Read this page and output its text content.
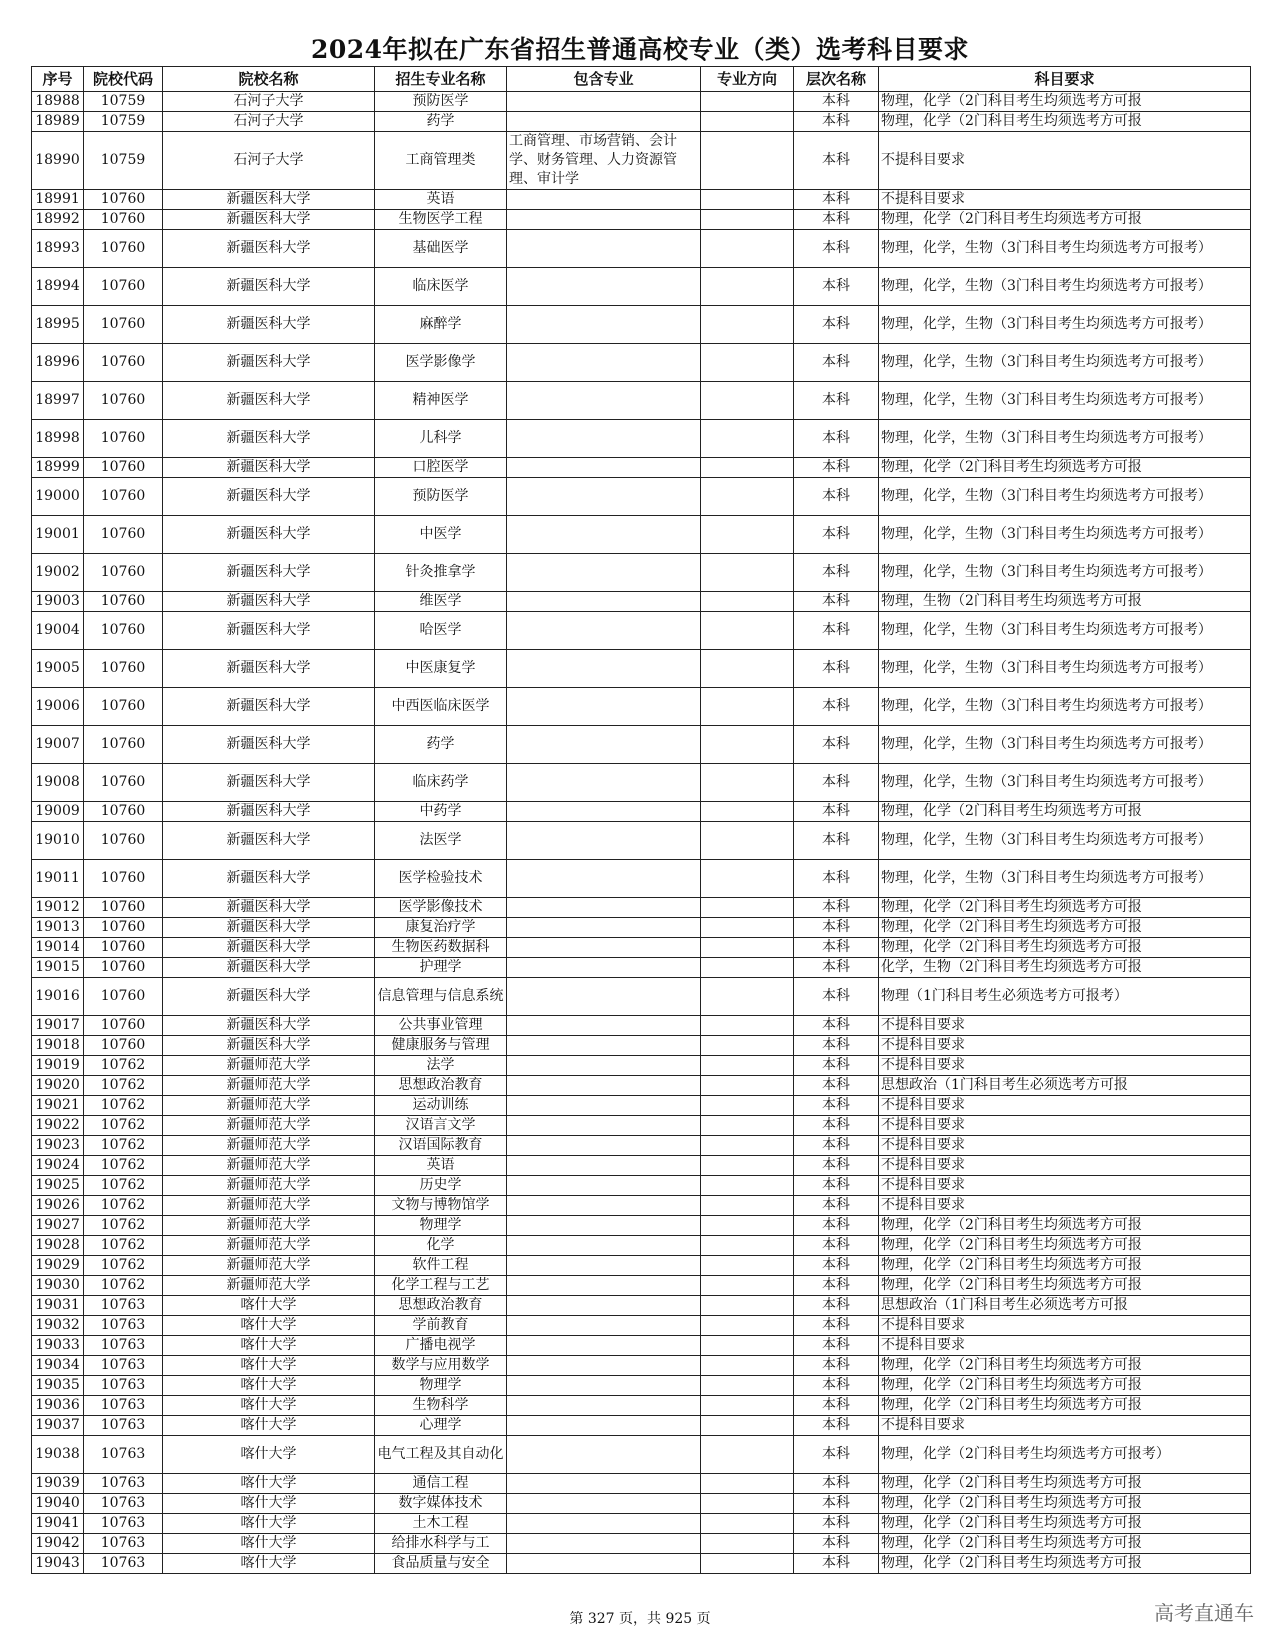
2024年拟在广东省招生普通高校专业（类）选考科目要求
序号	院校代码	院校名称	招生专业名称	包含专业	专业方向	层次名称	科目要求
18988	10759	石河子大学	预防医学			本科	物理，化学（2门科目考生均须选考方可报
18989	10759	石河子大学	药学			本科	物理，化学（2门科目考生均须选考方可报
18990	10759	石河子大学	工商管理类	工商管理、市场营销、会计学、财务管理、人力资源管理、审计学		本科	不提科目要求
18991	10760	新疆医科大学	英语			本科	不提科目要求
18992	10760	新疆医科大学	生物医学工程			本科	物理，化学（2门科目考生均须选考方可报
18993	10760	新疆医科大学	基础医学			本科	物理，化学，生物（3门科目考生均须选考方可报考）
18994	10760	新疆医科大学	临床医学			本科	物理，化学，生物（3门科目考生均须选考方可报考）
18995	10760	新疆医科大学	麻醉学			本科	物理，化学，生物（3门科目考生均须选考方可报考）
18996	10760	新疆医科大学	医学影像学			本科	物理，化学，生物（3门科目考生均须选考方可报考）
18997	10760	新疆医科大学	精神医学			本科	物理，化学，生物（3门科目考生均须选考方可报考）
18998	10760	新疆医科大学	儿科学			本科	物理，化学，生物（3门科目考生均须选考方可报考）
18999	10760	新疆医科大学	口腔医学			本科	物理，化学（2门科目考生均须选考方可报
19000	10760	新疆医科大学	预防医学			本科	物理，化学，生物（3门科目考生均须选考方可报考）
19001	10760	新疆医科大学	中医学			本科	物理，化学，生物（3门科目考生均须选考方可报考）
19002	10760	新疆医科大学	针灸推拿学			本科	物理，化学，生物（3门科目考生均须选考方可报考）
19003	10760	新疆医科大学	维医学			本科	物理，生物（2门科目考生均须选考方可报
19004	10760	新疆医科大学	哈医学			本科	物理，化学，生物（3门科目考生均须选考方可报考）
19005	10760	新疆医科大学	中医康复学			本科	物理，化学，生物（3门科目考生均须选考方可报考）
19006	10760	新疆医科大学	中西医临床医学			本科	物理，化学，生物（3门科目考生均须选考方可报考）
19007	10760	新疆医科大学	药学			本科	物理，化学，生物（3门科目考生均须选考方可报考）
19008	10760	新疆医科大学	临床药学			本科	物理，化学，生物（3门科目考生均须选考方可报考）
19009	10760	新疆医科大学	中药学			本科	物理，化学（2门科目考生均须选考方可报
19010	10760	新疆医科大学	法医学			本科	物理，化学，生物（3门科目考生均须选考方可报考）
19011	10760	新疆医科大学	医学检验技术			本科	物理，化学，生物（3门科目考生均须选考方可报考）
19012	10760	新疆医科大学	医学影像技术			本科	物理，化学（2门科目考生均须选考方可报
19013	10760	新疆医科大学	康复治疗学			本科	物理，化学（2门科目考生均须选考方可报
19014	10760	新疆医科大学	生物医药数据科			本科	物理，化学（2门科目考生均须选考方可报
19015	10760	新疆医科大学	护理学			本科	化学，生物（2门科目考生均须选考方可报
19016	10760	新疆医科大学	信息管理与信息系统			本科	物理（1门科目考生必须选考方可报考）
19017	10760	新疆医科大学	公共事业管理			本科	不提科目要求
19018	10760	新疆医科大学	健康服务与管理			本科	不提科目要求
19019	10762	新疆师范大学	法学			本科	不提科目要求
19020	10762	新疆师范大学	思想政治教育			本科	思想政治（1门科目考生必须选考方可报
19021	10762	新疆师范大学	运动训练			本科	不提科目要求
19022	10762	新疆师范大学	汉语言文学			本科	不提科目要求
19023	10762	新疆师范大学	汉语国际教育			本科	不提科目要求
19024	10762	新疆师范大学	英语			本科	不提科目要求
19025	10762	新疆师范大学	历史学			本科	不提科目要求
19026	10762	新疆师范大学	文物与博物馆学			本科	不提科目要求
19027	10762	新疆师范大学	物理学			本科	物理，化学（2门科目考生均须选考方可报
19028	10762	新疆师范大学	化学			本科	物理，化学（2门科目考生均须选考方可报
19029	10762	新疆师范大学	软件工程			本科	物理，化学（2门科目考生均须选考方可报
19030	10762	新疆师范大学	化学工程与工艺			本科	物理，化学（2门科目考生均须选考方可报
19031	10763	喀什大学	思想政治教育			本科	思想政治（1门科目考生必须选考方可报
19032	10763	喀什大学	学前教育			本科	不提科目要求
19033	10763	喀什大学	广播电视学			本科	不提科目要求
19034	10763	喀什大学	数学与应用数学			本科	物理，化学（2门科目考生均须选考方可报
19035	10763	喀什大学	物理学			本科	物理，化学（2门科目考生均须选考方可报
19036	10763	喀什大学	生物科学			本科	物理，化学（2门科目考生均须选考方可报
19037	10763	喀什大学	心理学			本科	不提科目要求
19038	10763	喀什大学	电气工程及其自动化			本科	物理，化学（2门科目考生均须选考方可报考）
19039	10763	喀什大学	通信工程			本科	物理，化学（2门科目考生均须选考方可报
19040	10763	喀什大学	数字媒体技术			本科	物理，化学（2门科目考生均须选考方可报
19041	10763	喀什大学	土木工程			本科	物理，化学（2门科目考生均须选考方可报
19042	10763	喀什大学	给排水科学与工			本科	物理，化学（2门科目考生均须选考方可报
19043	10763	喀什大学	食品质量与安全			本科	物理，化学（2门科目考生均须选考方可报
第 327 页，共 925 页	高考直通车
